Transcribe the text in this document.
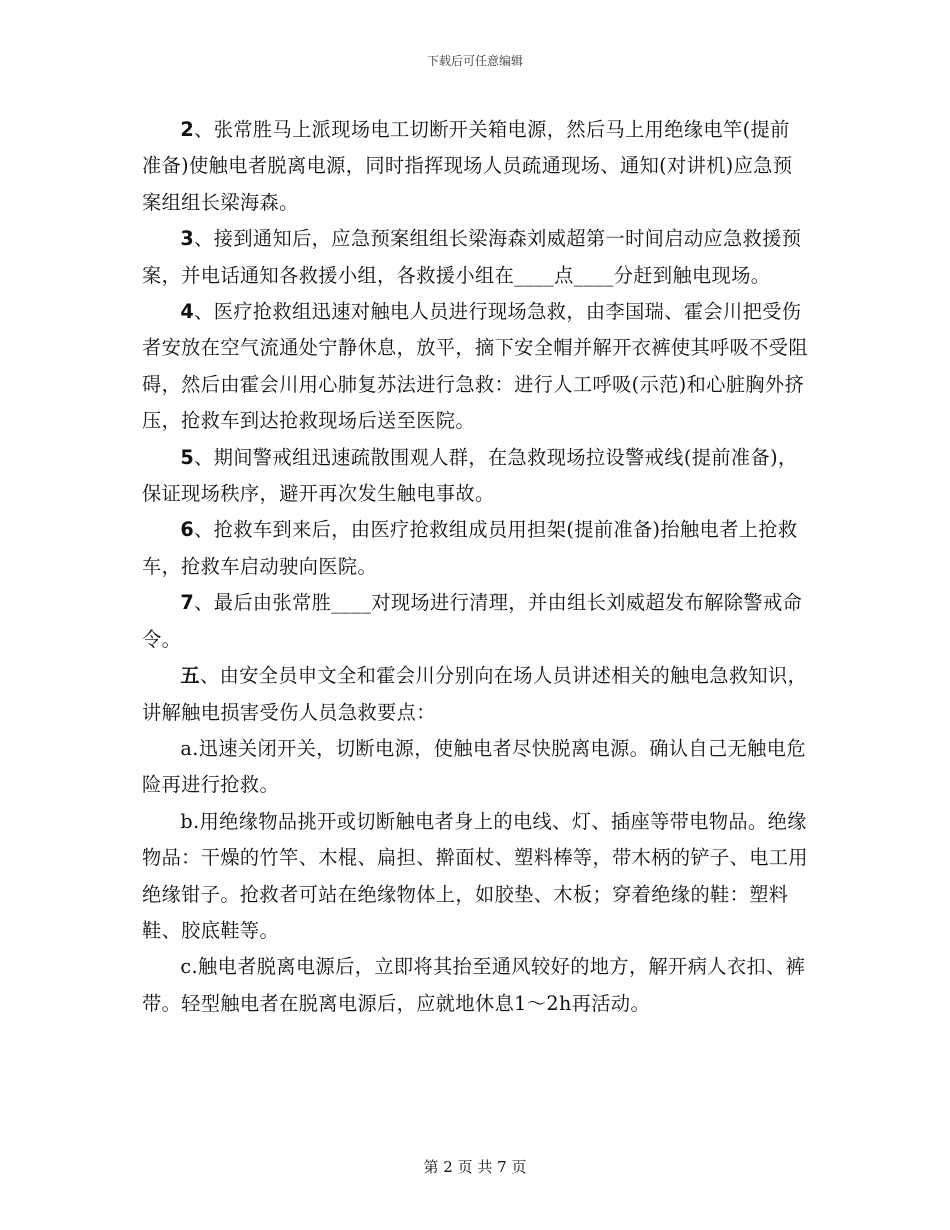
下载后可任意编辑

2、张常胜马上派现场电工切断开关箱电源，然后马上用绝缘电竿(提前准备)使触电者脱离电源，同时指挥现场人员疏通现场、通知(对讲机)应急预案组组长梁海森。

3、接到通知后，应急预案组组长梁海森刘威超第一时间启动应急救援预案，并电话通知各救援小组，各救援小组在____点____分赶到触电现场。

4、医疗抢救组迅速对触电人员进行现场急救，由李国瑞、霍会川把受伤者安放在空气流通处宁静休息，放平，摘下安全帽并解开衣裤使其呼吸不受阻碍，然后由霍会川用心肺复苏法进行急救：进行人工呼吸(示范)和心脏胸外挤压，抢救车到达抢救现场后送至医院。

5、期间警戒组迅速疏散围观人群，在急救现场拉设警戒线(提前准备)，保证现场秩序，避开再次发生触电事故。

6、抢救车到来后，由医疗抢救组成员用担架(提前准备)抬触电者上抢救车，抢救车启动驶向医院。

7、最后由张常胜____对现场进行清理，并由组长刘威超发布解除警戒命令。

五、由安全员申文全和霍会川分别向在场人员讲述相关的触电急救知识，讲解触电损害受伤人员急救要点：

a.迅速关闭开关，切断电源，使触电者尽快脱离电源。确认自己无触电危险再进行抢救。

b.用绝缘物品挑开或切断触电者身上的电线、灯、插座等带电物品。绝缘物品：干燥的竹竿、木棍、扁担、擀面杖、塑料棒等，带木柄的铲子、电工用绝缘钳子。抢救者可站在绝缘物体上，如胶垫、木板；穿着绝缘的鞋：塑料鞋、胶底鞋等。

c.触电者脱离电源后，立即将其抬至通风较好的地方，解开病人衣扣、裤带。轻型触电者在脱离电源后，应就地休息1～2h再活动。

第 2 页 共 7 页
